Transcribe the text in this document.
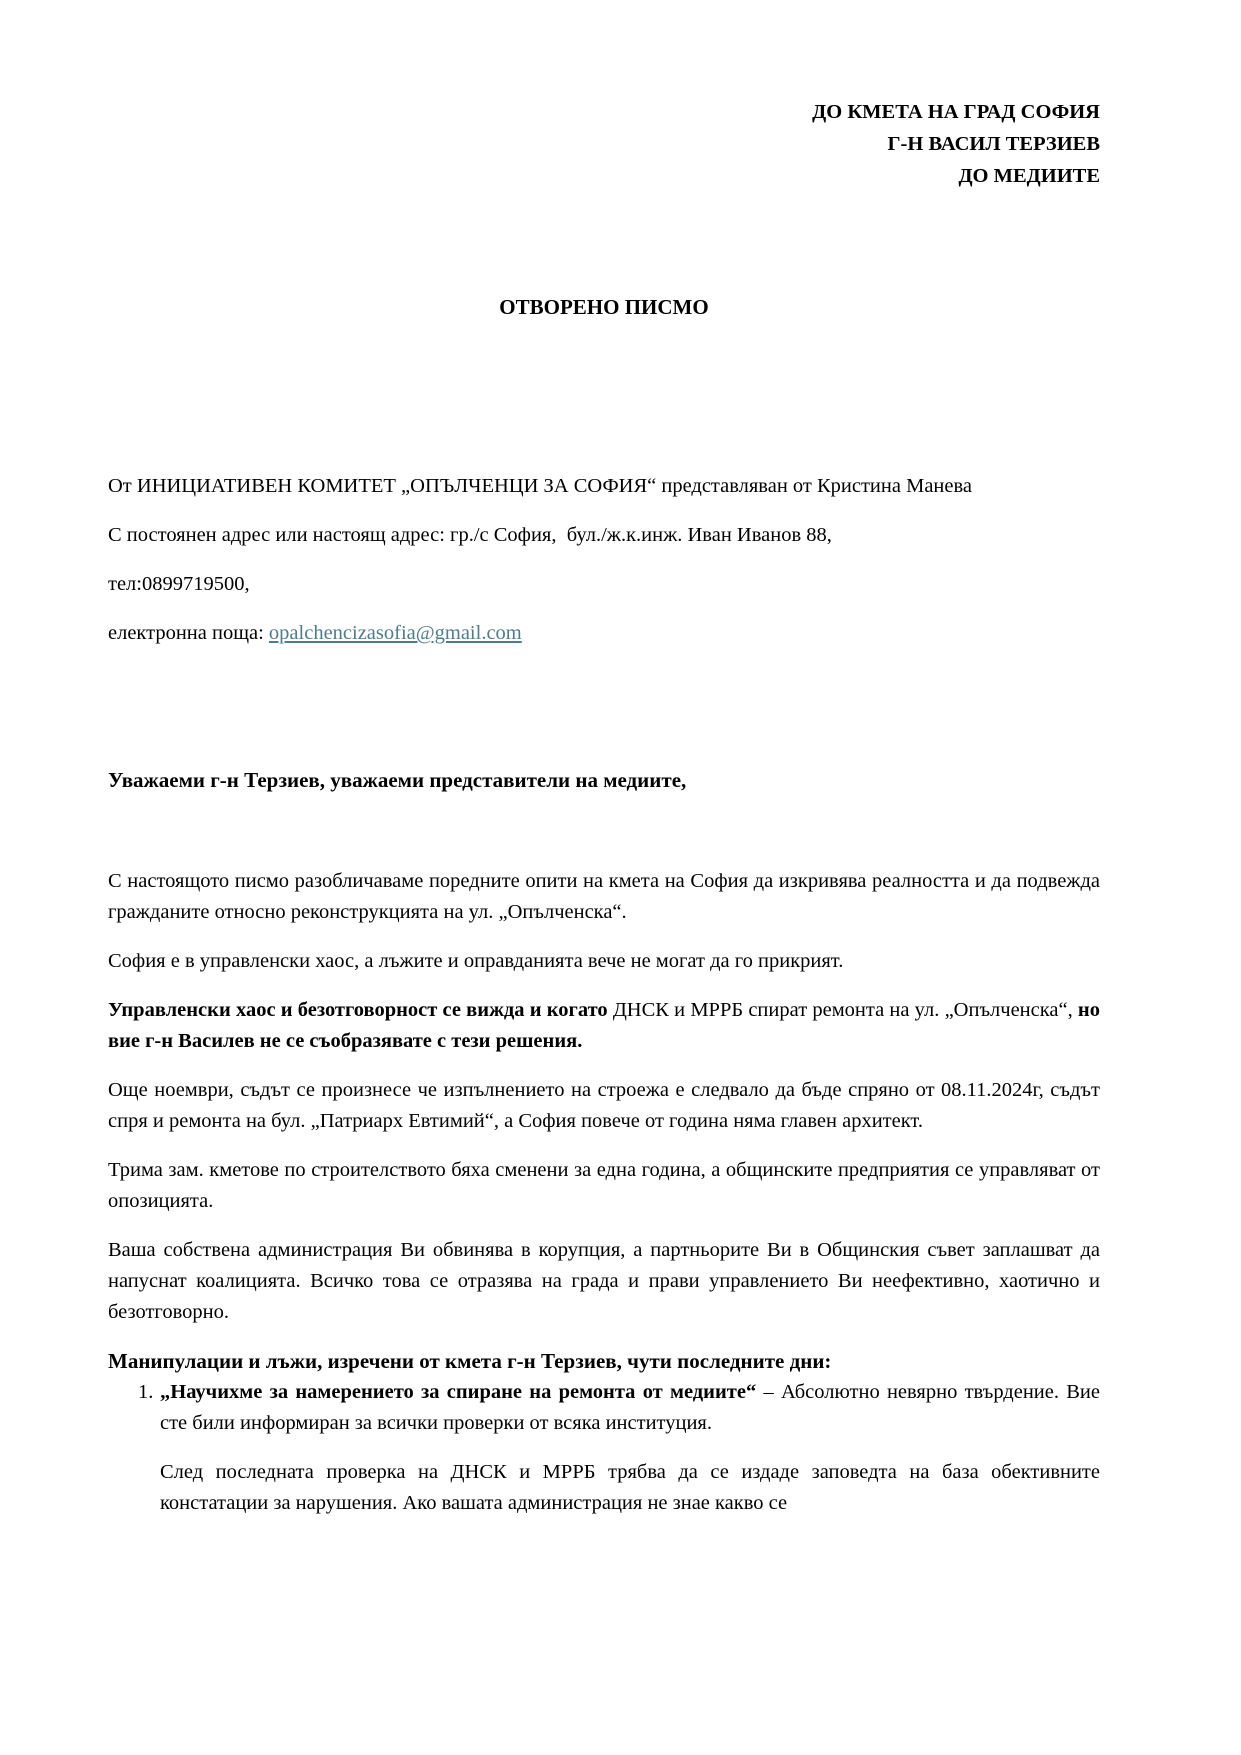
ДО КМЕТА НА ГРАД СОФИЯ

Г-Н ВАСИЛ ТЕРЗИЕВ

ДО МЕДИИТЕ

ОТВОРЕНО ПИСМО

От ИНИЦИАТИВЕН КОМИТЕТ „ОПЪЛЧЕНЦИ ЗА СОФИЯ“ представляван от Кристина Манева

С постоянен адрес или настоящ адрес: гр./с София,  бул./ж.к.инж. Иван Иванов 88,

тел:0899719500,

електронна поща: opalchencizasofia@gmail.com

Уважаеми г-н Терзиев, уважаеми представители на медиите,

С настоящото писмо разобличаваме поредните опити на кмета на София да изкривява реалността и да подвежда гражданите относно реконструкцията на ул. „Опълченска“.

София е в управленски хаос, а лъжите и оправданията вече не могат да го прикрият.

Управленски хаос и безотговорност се вижда и когато ДНСК и МРРБ спират ремонта на ул. „Опълченска“, но вие г-н Василев не се съобразявате с тези решения.

Още ноември, съдът се произнесе че изпълнението на строежа е следвало да бъде спряно от 08.11.2024г, съдът спря и ремонта на бул. „Патриарх Евтимий“, а София повече от година няма главен архитект.

Трима зам. кметове по строителството бяха сменени за една година, а общинските предприятия се управляват от опозицията.

Ваша собствена администрация Ви обвинява в корупция, а партньорите Ви в Общинския съвет заплашват да напуснат коалицията. Всичко това се отразява на града и прави управлението Ви неефективно, хаотично и безотговорно.

Манипулации и лъжи, изречени от кмета г-н Терзиев, чути последните дни:

1. „Научихме за намерението за спиране на ремонта от медиите“ – Абсолютно невярно твърдение. Вие сте били информиран за всички проверки от всяка институция.

След последната проверка на ДНСК и МРРБ трябва да се издаде заповедта на база обективните констатации за нарушения. Ако вашата администрация не знае какво се
